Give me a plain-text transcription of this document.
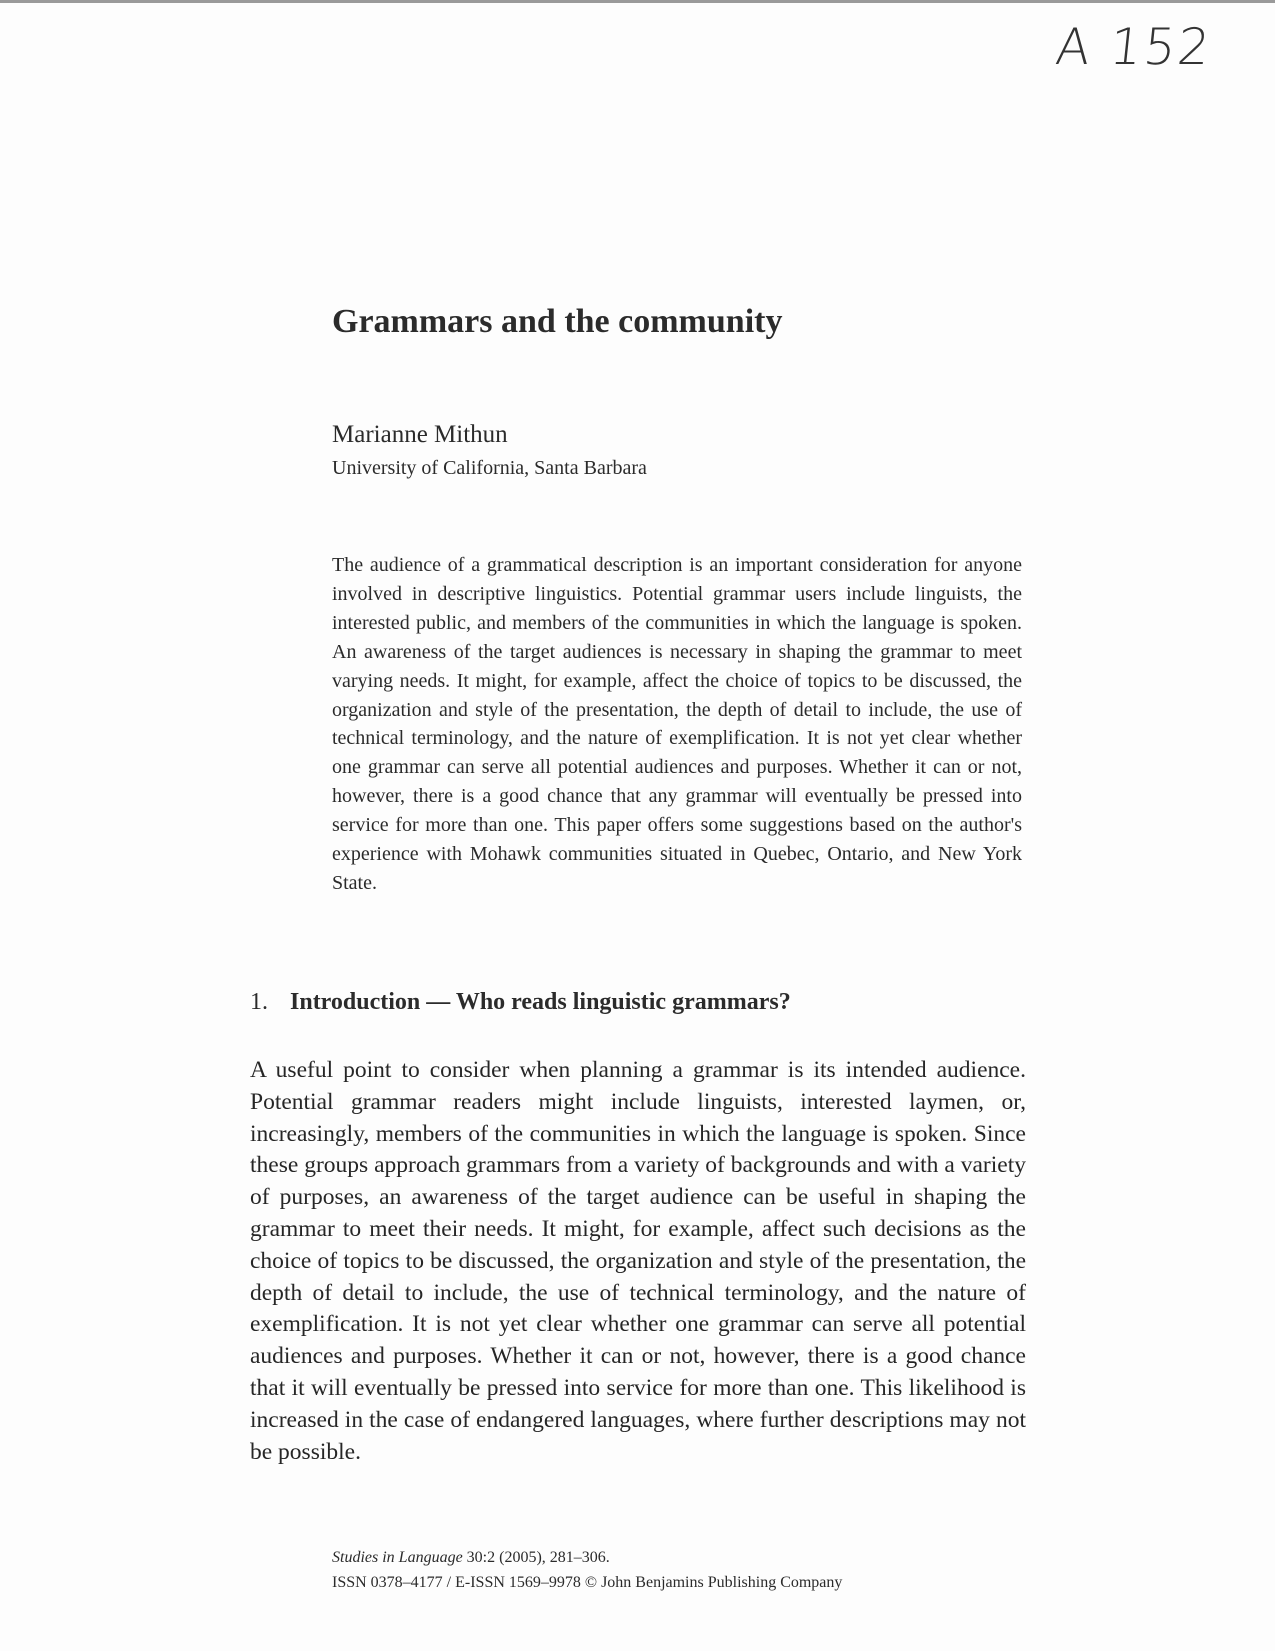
A 152
Grammars and the community
Marianne Mithun
University of California, Santa Barbara

The audience of a grammatical description is an important consideration for anyone involved in descriptive linguistics. Potential grammar users include linguists, the interested public, and members of the communities in which the language is spoken. An awareness of the target audiences is necessary in shaping the grammar to meet varying needs. It might, for example, affect the choice of topics to be discussed, the organization and style of the presentation, the depth of detail to include, the use of technical terminology, and the nature of exemplification. It is not yet clear whether one grammar can serve all potential audiences and purposes. Whether it can or not, however, there is a good chance that any grammar will eventually be pressed into service for more than one. This paper offers some suggestions based on the author's experience with Mohawk communities situated in Quebec, Ontario, and New York State.

1. Introduction — Who reads linguistic grammars?

A useful point to consider when planning a grammar is its intended audience. Potential grammar readers might include linguists, interested laymen, or, increasingly, members of the communities in which the language is spoken. Since these groups approach grammars from a variety of backgrounds and with a variety of purposes, an awareness of the target audience can be useful in shaping the grammar to meet their needs. It might, for example, affect such decisions as the choice of topics to be discussed, the organization and style of the presentation, the depth of detail to include, the use of technical terminology, and the nature of exemplification. It is not yet clear whether one grammar can serve all potential audiences and purposes. Whether it can or not, however, there is a good chance that it will eventually be pressed into service for more than one. This likelihood is increased in the case of endangered languages, where further descriptions may not be possible.

Studies in Language 30:2 (2005), 281–306.
ISSN 0378–4177 / E-ISSN 1569–9978 © John Benjamins Publishing Company
